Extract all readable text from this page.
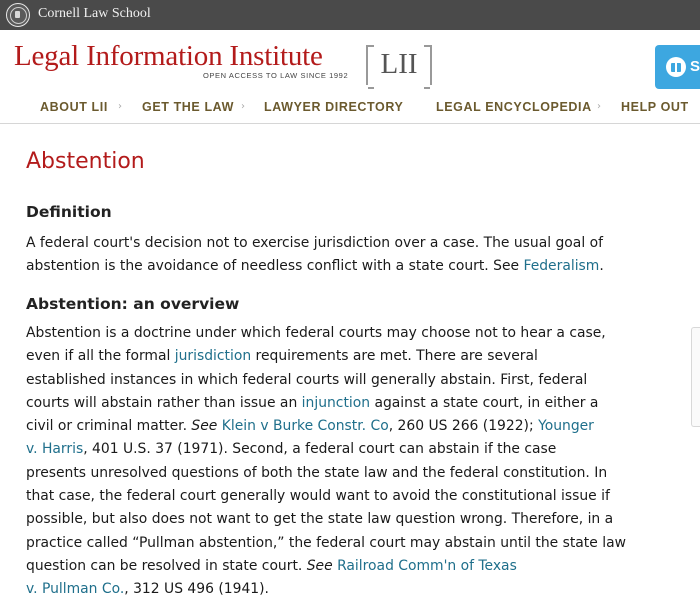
Cornell Law School
Legal Information Institute
OPEN ACCESS TO LAW SINCE 1992	LII	S
ABOUT LII › GET THE LAW › LAWYER DIRECTORY	LEGAL ENCYCLOPEDIA › HELP OUT
Abstention
Definition
A federal court's decision not to exercise jurisdiction over a case. The usual goal of
abstention is the avoidance of needless conflict with a state court. See Federalism.
Abstention: an overview
Abstention is a doctrine under which federal courts may choose not to hear a case,
even if all the formal jurisdiction requirements are met. There are several
established instances in which federal courts will generally abstain. First, federal
courts will abstain rather than issue an injunction against a state court, in either a
civil or criminal matter. See Klein v Burke Constr. Co, 260 US 266 (1922); Younger
v. Harris, 401 U.S. 37 (1971). Second, a federal court can abstain if the case
presents unresolved questions of both the state law and the federal constitution. In
that case, the federal court generally would want to avoid the constitutional issue if
possible, but also does not want to get the state law question wrong. Therefore, in a
practice called “Pullman abstention,” the federal court may abstain until the state law
question can be resolved in state court. See Railroad Comm'n of Texas
v. Pullman Co., 312 US 496 (1941).
